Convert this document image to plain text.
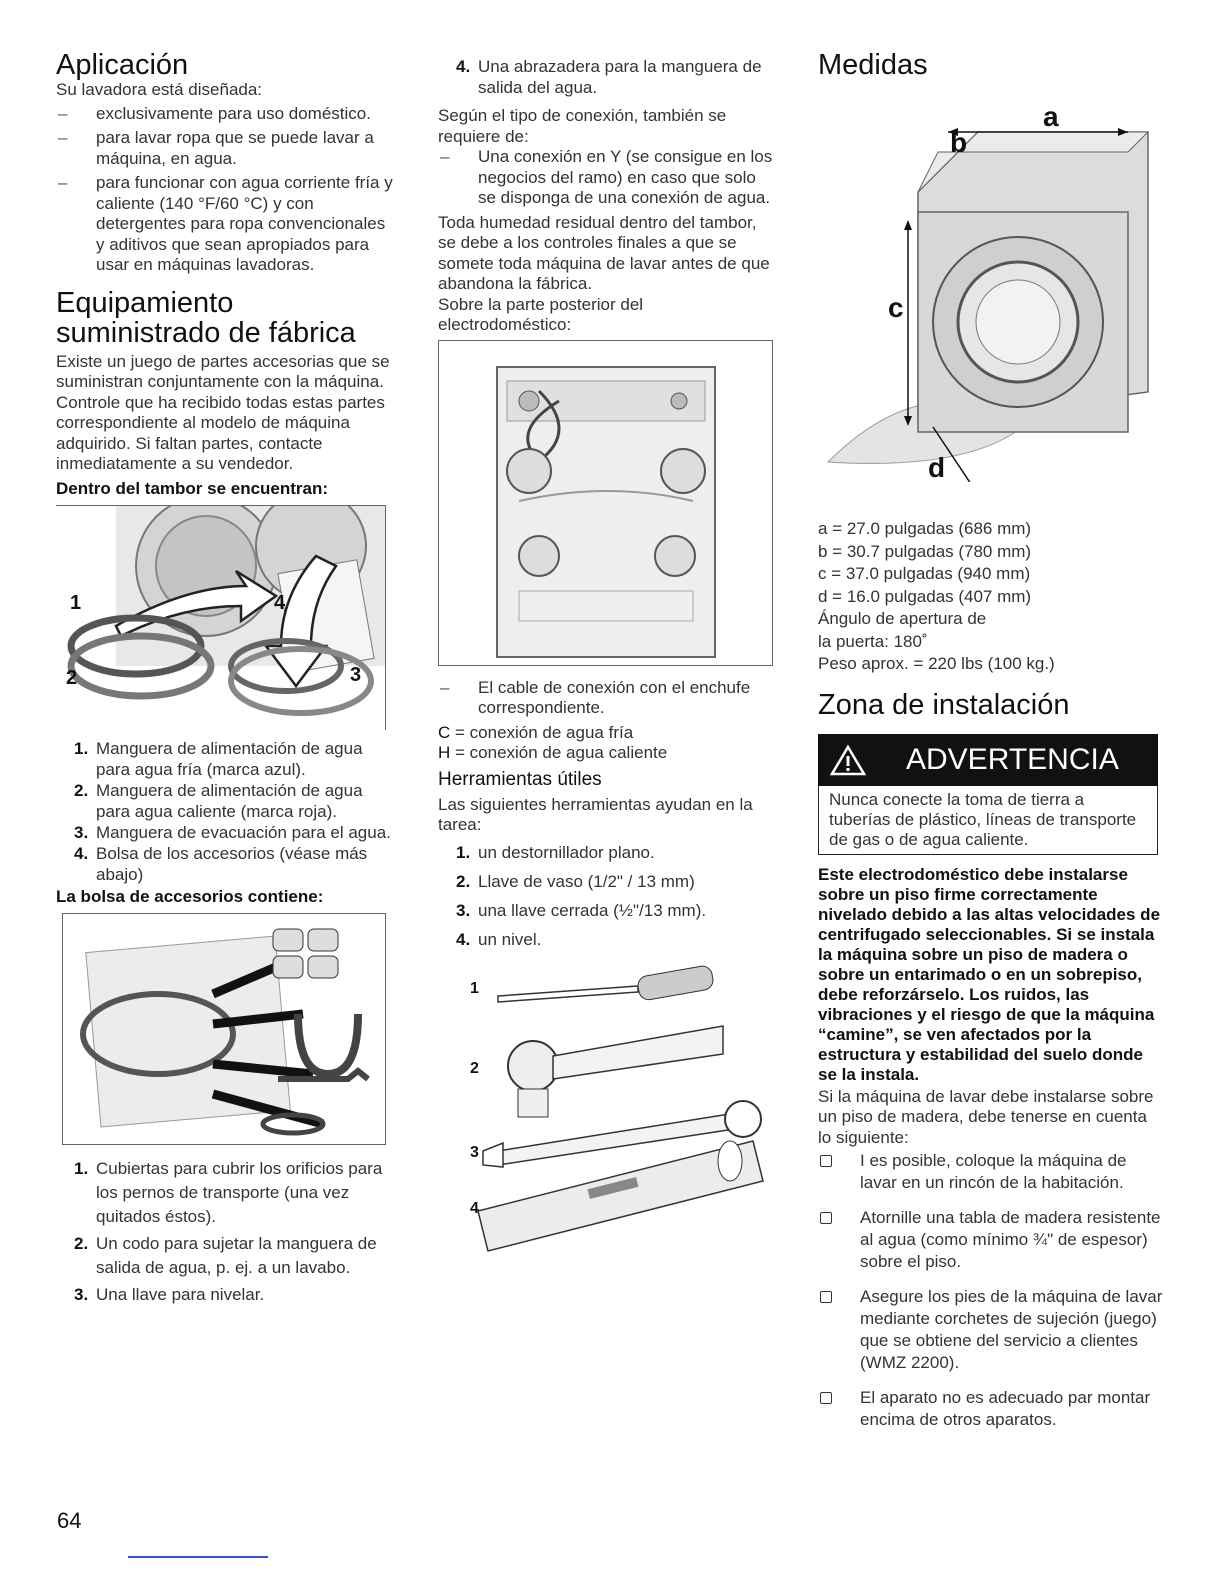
Aplicación

Su lavadora está diseñada:

– exclusivamente para uso doméstico.
– para lavar ropa que se puede lavar a máquina, en agua.
– para funcionar con agua corriente fría y caliente (140 °F/60 °C) y con detergentes para ropa convencionales y aditivos que sean apropiados para usar en máquinas lavadoras.
Equipamiento
suministrado de fábrica

Existe un juego de partes accesorias que se suministran conjuntamente con la máquina. Controle que ha recibido todas estas partes correspondiente al modelo de máquina adquirido. Si faltan partes, contacte inmediatamente a su vendedor.

Dentro del tambor se encuentran:

1
2	3
4
1. Manguera de alimentación de agua para agua fría (marca azul).
2. Manguera de alimentación de agua para agua caliente (marca roja).
3. Manguera de evacuación para el agua.
4. Bolsa de los accesorios (véase más abajo)

La bolsa de accesorios contiene:

1. Cubiertas para cubrir los orificios para los pernos de transporte (una vez quitados éstos).
2. Un codo para sujetar la manguera de salida de agua, p. ej. a un lavabo.
3. Una llave para nivelar.
4. Una abrazadera para la manguera de salida del agua.

Según el tipo de conexión, también se requiere de:

– Una conexión en Y (se consigue en los negocios del ramo) en caso que solo se disponga de una conexión de agua.

Toda humedad residual dentro del tambor, se debe a los controles finales a que se somete toda máquina de lavar antes de que abandona la fábrica.

Sobre la parte posterior del electrodoméstico:

– El cable de conexión con el enchufe correspondiente.

C = conexión de agua fría

H = conexión de agua caliente

Herramientas útiles

Las siguientes herramientas ayudan en la tarea:

1. un destornillador plano.
2. Llave de vaso (1/2" / 13 mm)
3. una llave cerrada (½"/13 mm).
4. un nivel.
1
2
3
4
Medidas
a
b
c
d

a = 27.0 pulgadas (686 mm)

b = 30.7 pulgadas (780 mm)

c = 37.0 pulgadas (940 mm)

d = 16.0 pulgadas (407 mm)

Ángulo de apertura de

la puerta: 180˚

Peso aprox. = 220 lbs (100 kg.)

Zona de instalación
ADVERTENCIA
Nunca conecte la toma de tierra a tuberías de plástico, líneas de transporte de gas o de agua caliente.

Este electrodoméstico debe instalarse sobre un piso firme correctamente nivelado debido a las altas velocidades de centrifugado seleccionables. Si se instala la máquina sobre un piso de madera o sobre un entarimado o en un sobrepiso, debe reforzárselo. Los ruidos, las vibraciones y el riesgo de que la máquina “camine”, se ven afectados por la estructura y estabilidad del suelo donde se la instala.

Si la máquina de lavar debe instalarse sobre un piso de madera, debe tenerse en cuenta lo siguiente:

I es posible, coloque la máquina de lavar en un rincón de la habitación.
Atornille una tabla de madera resistente al agua (como mínimo ¾" de espesor) sobre el piso.
Asegure los pies de la máquina de lavar mediante corchetes de sujeción (juego) que se obtiene del servicio a clientes (WMZ 2200).
El aparato no es adecuado par montar encima de otros aparatos.
64
